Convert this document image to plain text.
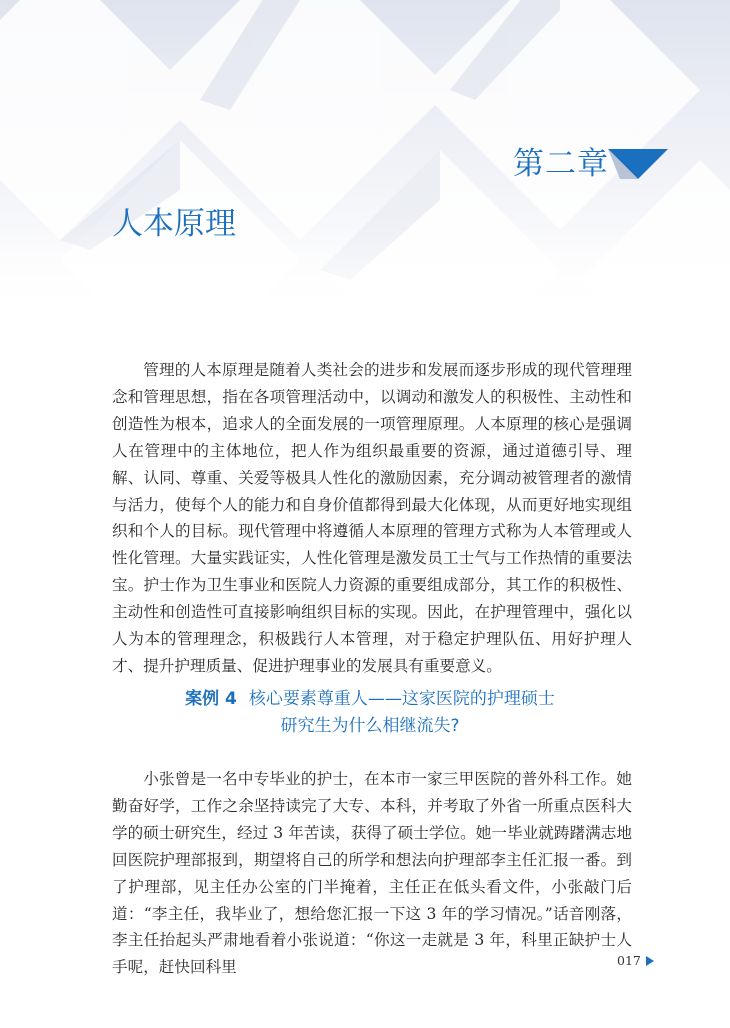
第二章
人本原理

管理的人本原理是随着人类社会的进步和发展而逐步形成的现代管理理念和管理思想，指在各项管理活动中，以调动和激发人的积极性、主动性和创造性为根本，追求人的全面发展的一项管理原理。人本原理的核心是强调人在管理中的主体地位，把人作为组织最重要的资源，通过道德引导、理解、认同、尊重、关爱等极具人性化的激励因素，充分调动被管理者的激情与活力，使每个人的能力和自身价值都得到最大化体现，从而更好地实现组织和个人的目标。现代管理中将遵循人本原理的管理方式称为人本管理或人性化管理。大量实践证实，人性化管理是激发员工士气与工作热情的重要法宝。护士作为卫生事业和医院人力资源的重要组成部分，其工作的积极性、主动性和创造性可直接影响组织目标的实现。因此，在护理管理中，强化以人为本的管理理念，积极践行人本管理，对于稳定护理队伍、用好护理人才、提升护理质量、促进护理事业的发展具有重要意义。

案例 4 核心要素尊重人——这家医院的护理硕士
研究生为什么相继流失?

小张曾是一名中专毕业的护士，在本市一家三甲医院的普外科工作。她勤奋好学，工作之余坚持读完了大专、本科，并考取了外省一所重点医科大学的硕士研究生，经过 3 年苦读，获得了硕士学位。她一毕业就踌躇满志地回医院护理部报到，期望将自己的所学和想法向护理部李主任汇报一番。到了护理部，见主任办公室的门半掩着，主任正在低头看文件，小张敲门后道：“李主任，我毕业了，想给您汇报一下这 3 年的学习情况。”话音刚落，李主任抬起头严肃地看着小张说道：“你这一走就是 3 年，科里正缺护士人手呢，赶快回科里	017
